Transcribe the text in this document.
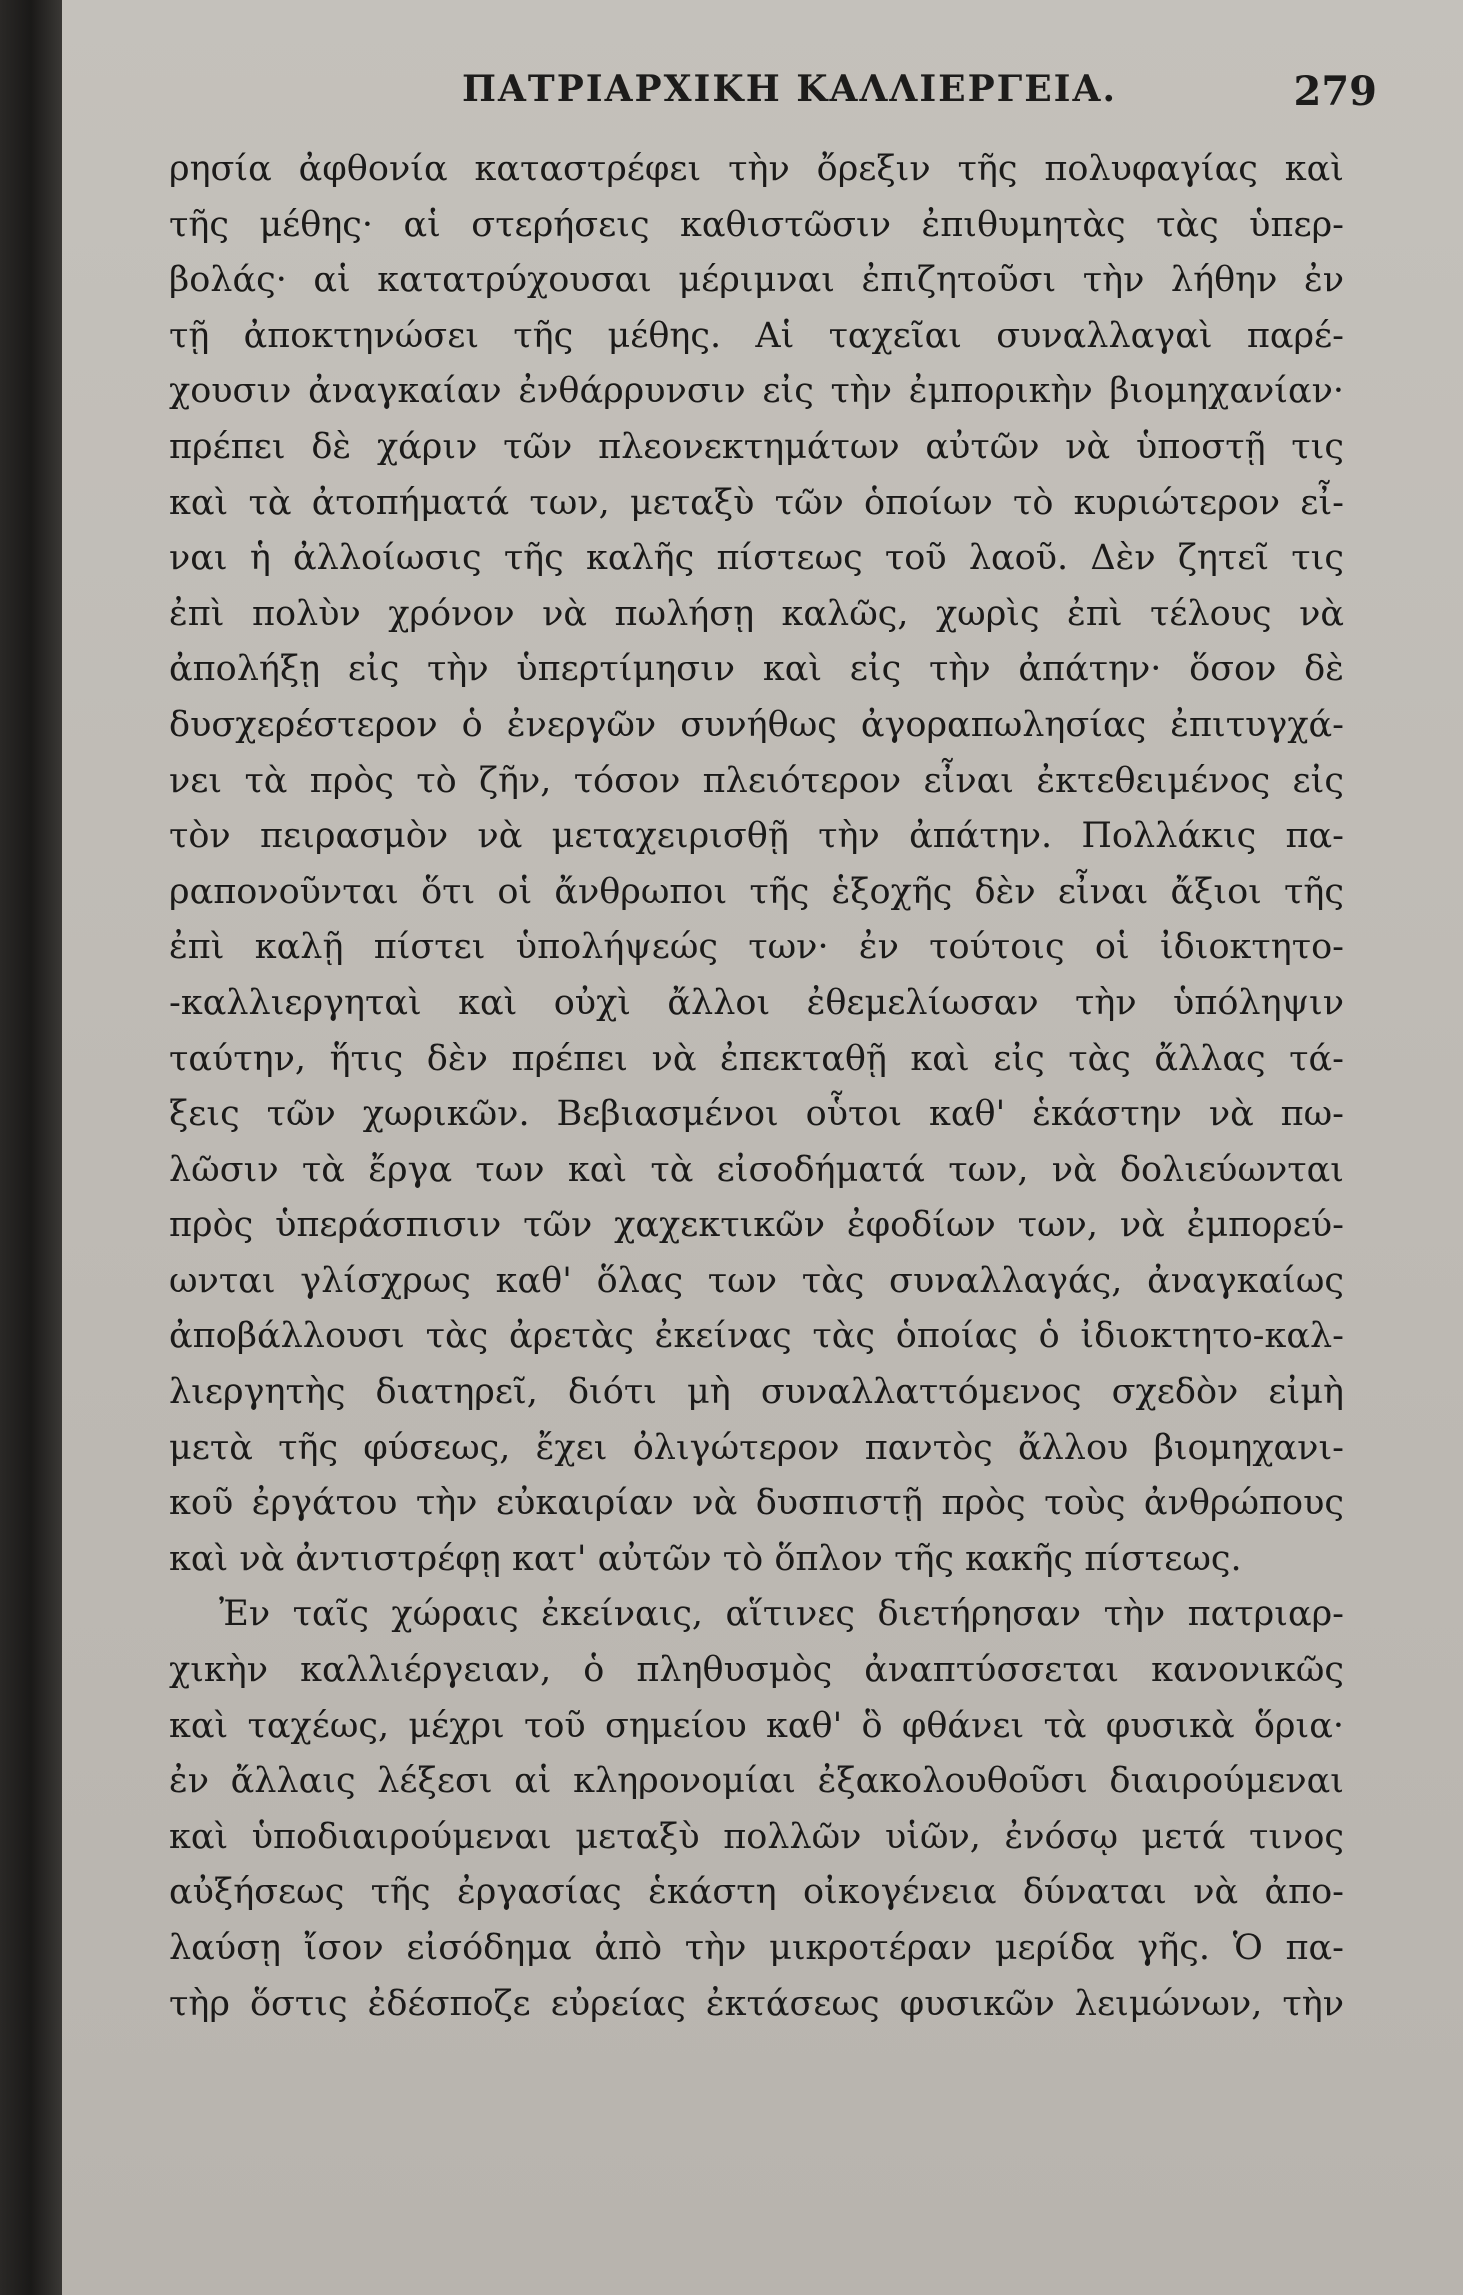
ΠΑΤΡΙΑΡΧΙΚΗ ΚΑΛΛΙΕΡΓΕΙΑ.	279
ρησία ἀφθονία καταστρέφει τὴν ὄρεξιν τῆς πολυφαγίας καὶ
τῆς μέθης· αἱ στερήσεις καθιστῶσιν ἐπιθυμητὰς τὰς ὑπερ-
βολάς· αἱ κατατρύχουσαι μέριμναι ἐπιζητοῦσι τὴν λήθην ἐν
τῇ ἀποκτηνώσει τῆς μέθης. Αἱ ταχεῖαι συναλλαγαὶ παρέ-
χουσιν ἀναγκαίαν ἐνθάρρυνσιν εἰς τὴν ἐμπορικὴν βιομηχανίαν·
πρέπει δὲ χάριν τῶν πλεονεκτημάτων αὐτῶν νὰ ὑποστῇ τις
καὶ τὰ ἀτοπήματά των, μεταξὺ τῶν ὁποίων τὸ κυριώτερον εἶ-
ναι ἡ ἀλλοίωσις τῆς καλῆς πίστεως τοῦ λαοῦ. Δὲν ζητεῖ τις
ἐπὶ πολὺν χρόνον νὰ πωλήσῃ καλῶς, χωρὶς ἐπὶ τέλους νὰ
ἀπολήξῃ εἰς τὴν ὑπερτίμησιν καὶ εἰς τὴν ἀπάτην· ὅσον δὲ
δυσχερέστερον ὁ ἐνεργῶν συνήθως ἀγοραπωλησίας ἐπιτυγχά-
νει τὰ πρὸς τὸ ζῆν, τόσον πλειότερον εἶναι ἐκτεθειμένος εἰς
τὸν πειρασμὸν νὰ μεταχειρισθῇ τὴν ἀπάτην. Πολλάκις πα-
ραπονοῦνται ὅτι οἱ ἄνθρωποι τῆς ἑξοχῆς δὲν εἶναι ἄξιοι τῆς
ἐπὶ καλῇ πίστει ὑπολήψεώς των· ἐν τούτοις οἱ ἰδιοκτητο-
-καλλιεργηταὶ καὶ οὐχὶ ἄλλοι ἐθεμελίωσαν τὴν ὑπόληψιν
ταύτην, ἥτις δὲν πρέπει νὰ ἐπεκταθῇ καὶ εἰς τὰς ἄλλας τά-
ξεις τῶν χωρικῶν. Βεβιασμένοι οὗτοι καθ' ἑκάστην νὰ πω-
λῶσιν τὰ ἔργα των καὶ τὰ εἰσοδήματά των, νὰ δολιεύωνται
πρὸς ὑπεράσπισιν τῶν χαχεκτικῶν ἐφοδίων των, νὰ ἐμπορεύ-
ωνται γλίσχρως καθ' ὅλας των τὰς συναλλαγάς, ἀναγκαίως
ἀποβάλλουσι τὰς ἀρετὰς ἐκείνας τὰς ὁποίας ὁ ἰδιοκτητο-καλ-
λιεργητὴς διατηρεῖ, διότι μὴ συναλλαττόμενος σχεδὸν εἰμὴ
μετὰ τῆς φύσεως, ἔχει ὀλιγώτερον παντὸς ἄλλου βιομηχανι-
κοῦ ἐργάτου τὴν εὐκαιρίαν νὰ δυσπιστῇ πρὸς τοὺς ἀνθρώπους
καὶ νὰ ἀντιστρέφῃ κατ' αὐτῶν τὸ ὅπλον τῆς κακῆς πίστεως.
Ἐν ταῖς χώραις ἐκείναις, αἵτινες διετήρησαν τὴν πατριαρ-
χικὴν καλλιέργειαν, ὁ πληθυσμὸς ἀναπτύσσεται κανονικῶς
καὶ ταχέως, μέχρι τοῦ σημείου καθ' ὃ φθάνει τὰ φυσικὰ ὅρια·
ἐν ἄλλαις λέξεσι αἱ κληρονομίαι ἐξακολουθοῦσι διαιρούμεναι
καὶ ὑποδιαιρούμεναι μεταξὺ πολλῶν υἱῶν, ἐνόσῳ μετά τινος
αὐξήσεως τῆς ἐργασίας ἑκάστη οἰκογένεια δύναται νὰ ἀπο-
λαύσῃ ἴσον εἰσόδημα ἀπὸ τὴν μικροτέραν μερίδα γῆς. Ὁ πα-
τὴρ ὅστις ἐδέσποζε εὐρείας ἐκτάσεως φυσικῶν λειμώνων, τὴν
